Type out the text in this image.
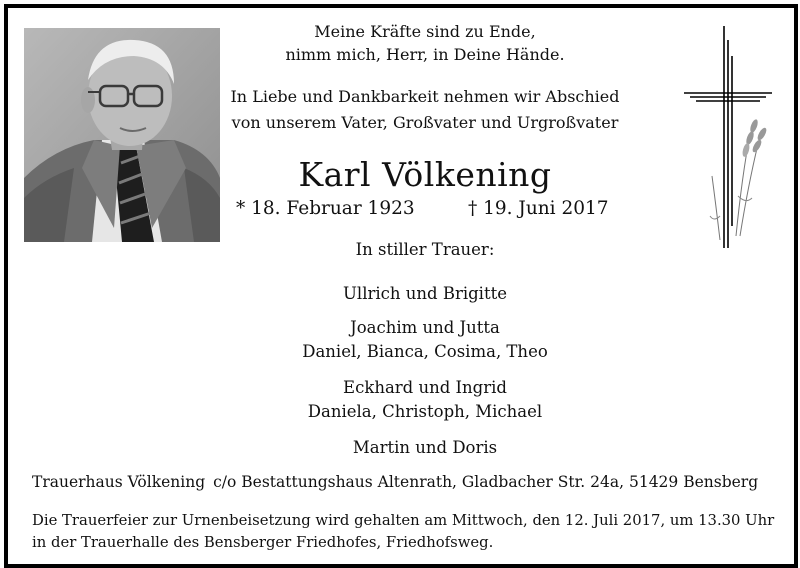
Meine Kräfte sind zu Ende,
nimm mich, Herr, in Deine Hände.
In Liebe und Dankbarkeit nehmen wir Abschied
von unserem Vater, Großvater und Urgroßvater
Karl Völkening
* 18. Februar 1923	† 19. Juni 2017
In stiller Trauer:
Ullrich und Brigitte
Joachim und Jutta
Daniel, Bianca, Cosima, Theo
Eckhard und Ingrid
Daniela, Christoph, Michael
Martin und Doris
Trauerhaus Völkening c/o Bestattungshaus Altenrath, Gladbacher Str. 24a, 51429 Bensberg
Die Trauerfeier zur Urnenbeisetzung wird gehalten am Mittwoch, den 12. Juli 2017, um 13.30 Uhr in der Trauerhalle des Bensberger Friedhofes, Friedhofsweg.
